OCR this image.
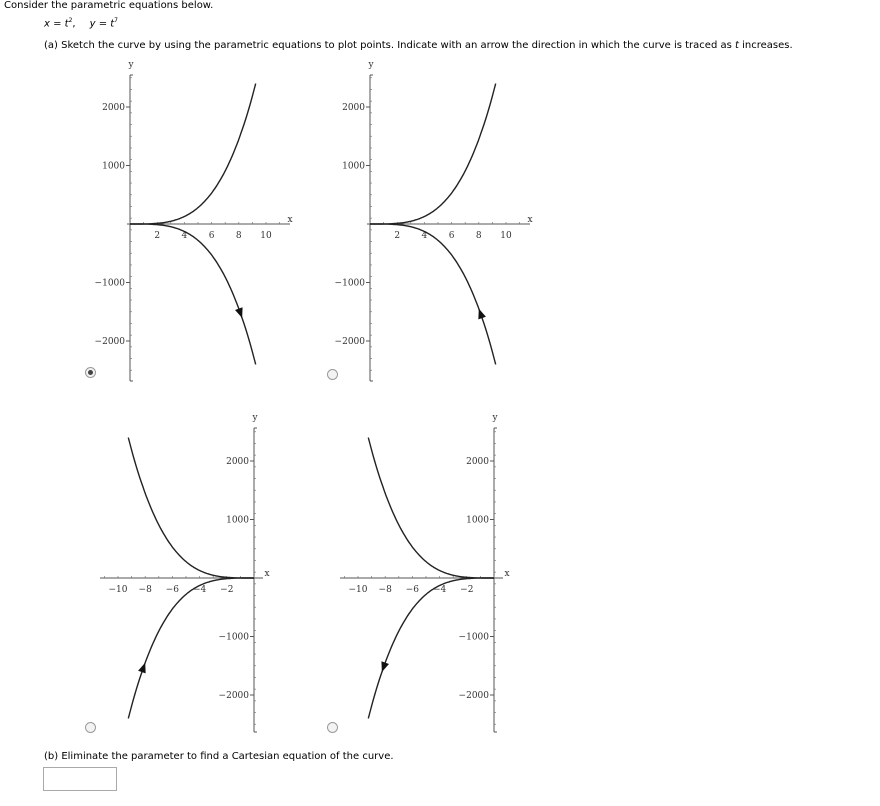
Consider the parametric equations below.
$x = t^2$, $y = t^7$
(a) Sketch the curve by using the parametric equations to plot points. Indicate with an arrow the direction in which the curve is traced as t increases.
2000
1000
−1000
−2000
2 4 6 8 10
x
y
2000
1000
−1000
−2000
2 4 6 8 10
x
y
2000
1000
−1000
−2000
−10 −8 −6 −4 −2
x
y
2000
1000
−1000
−2000
−10 −8 −6 −4 −2
x
y
(b) Eliminate the parameter to find a Cartesian equation of the curve.
